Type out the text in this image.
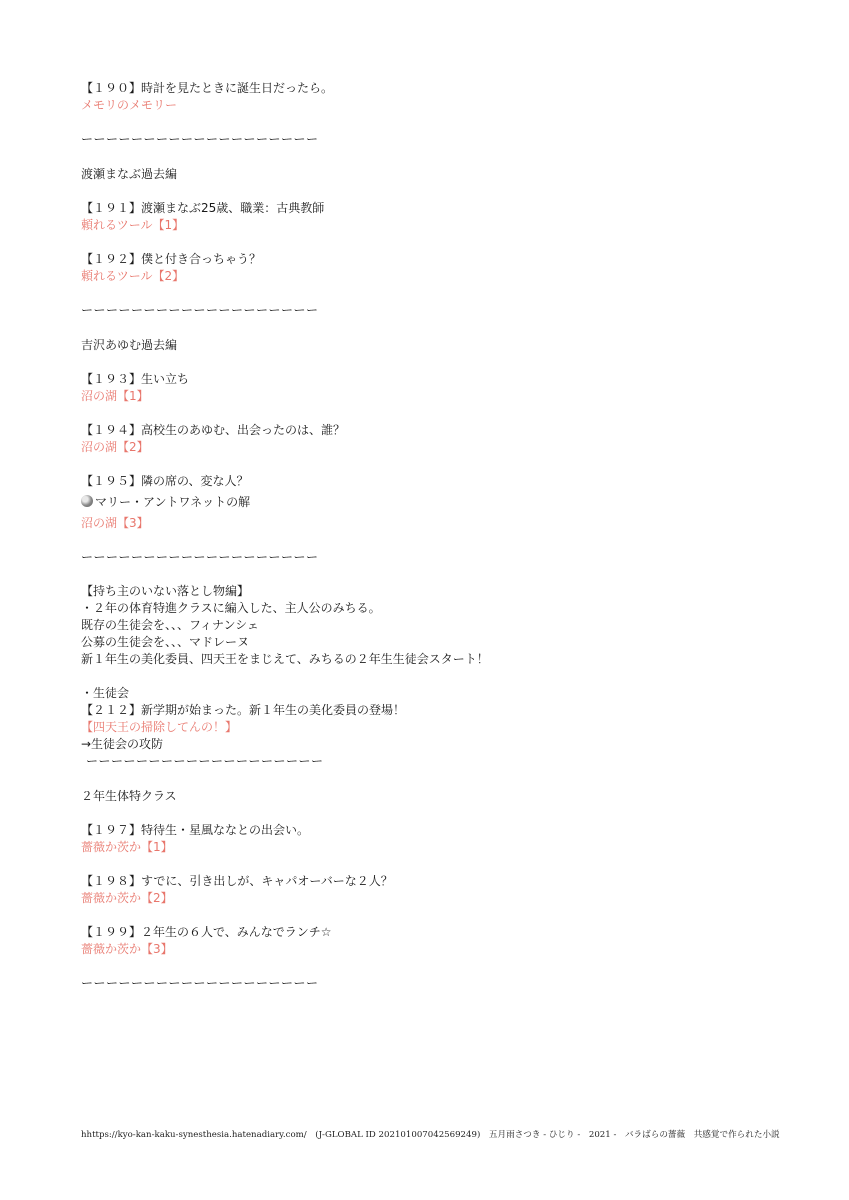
【１９０】時計を見たときに誕生日だったら。
メモリのメモリー
ーーーーーーーーーーーーーーーーーーー
渡瀬まなぶ過去編
【１９１】渡瀬まなぶ25歳、職業：古典教師
頼れるツール【1】
【１９２】僕と付き合っちゃう？
頼れるツール【2】
ーーーーーーーーーーーーーーーーーーー
吉沢あゆむ過去編
【１９３】生い立ち
沼の湖【1】
【１９４】高校生のあゆむ、出会ったのは、誰？
沼の湖【2】
【１９５】隣の席の、変な人？
マリー・アントワネットの解
沼の湖【3】
ーーーーーーーーーーーーーーーーーーー
【持ち主のいない落とし物編】
・２年の体育特進クラスに編入した、主人公のみちる。
既存の生徒会を、、、フィナンシェ
公募の生徒会を、、、マドレーヌ
新１年生の美化委員、四天王をまじえて、みちるの２年生生徒会スタート！
・生徒会
【２１２】新学期が始まった。新１年生の美化委員の登場！
【四天王の掃除してんの！】
→生徒会の攻防
ーーーーーーーーーーーーーーーーーーー
２年生体特クラス
【１９７】特待生・星風ななとの出会い。
薔薇か茨か【1】
【１９８】すでに、引き出しが、キャパオーバーな２人？
薔薇か茨か【2】
【１９９】２年生の６人で、みんなでランチ☆
薔薇か茨か【3】
ーーーーーーーーーーーーーーーーーーー
hhttps://kyo-kan-kaku-synesthesia.hatenadiary.com/　(J-GLOBAL ID 202101007042569249)　五月雨さつき - ひじり -　2021 -　バラばらの薔薇　共感覚で作られた小説
